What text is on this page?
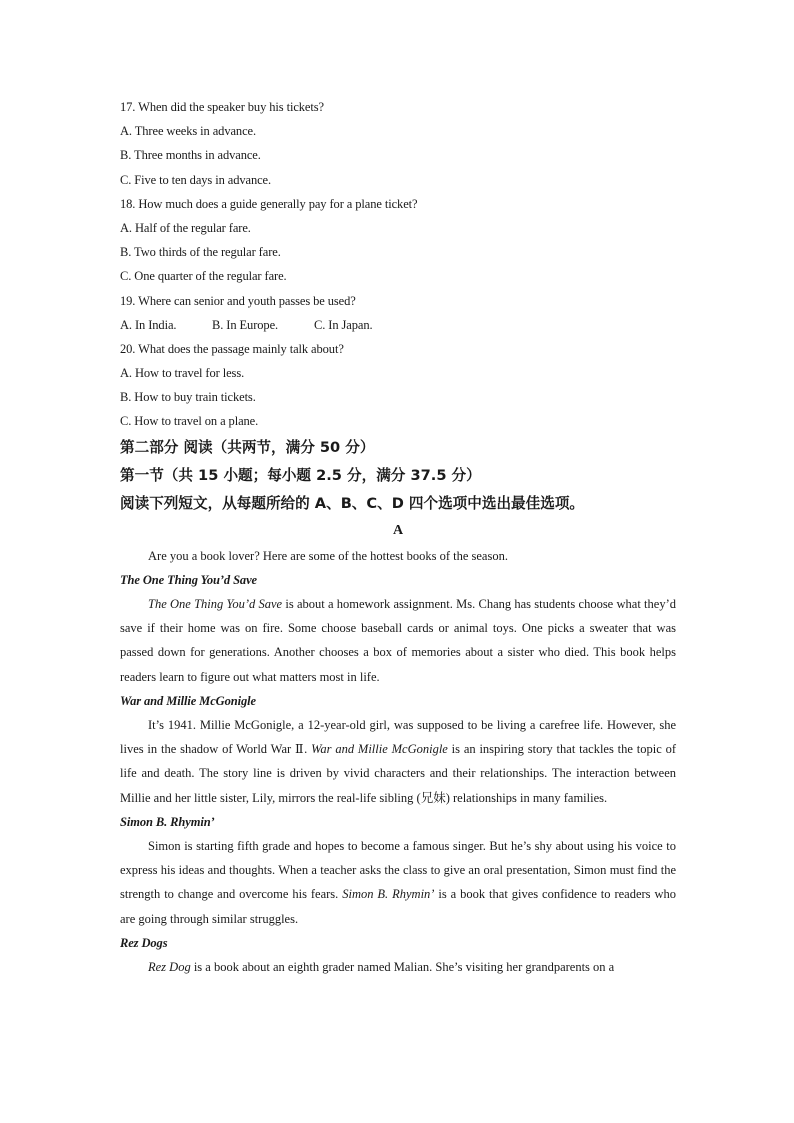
17. When did the speaker buy his tickets?
A. Three weeks in advance.
B. Three months in advance.
C. Five to ten days in advance.
18. How much does a guide generally pay for a plane ticket?
A. Half of the regular fare.
B. Two thirds of the regular fare.
C. One quarter of the regular fare.
19. Where can senior and youth passes be used?
A. In India.	B. In Europe.	C. In Japan.
20. What does the passage mainly talk about?
A. How to travel for less.
B. How to buy train tickets.
C. How to travel on a plane.
第二部分 阅读（共两节，满分 50 分）
第一节（共 15 小题；每小题 2.5 分，满分 37.5 分）
阅读下列短文，从每题所给的 A、B、C、D 四个选项中选出最佳选项。
A
Are you a book lover? Here are some of the hottest books of the season.
The One Thing You’d Save
The One Thing You’d Save is about a homework assignment. Ms. Chang has students choose what they’d save if their home was on fire. Some choose baseball cards or animal toys. One picks a sweater that was passed down for generations. Another chooses a box of memories about a sister who died. This book helps readers learn to figure out what matters most in life.
War and Millie McGonigle
It’s 1941. Millie McGonigle, a 12-year-old girl, was supposed to be living a carefree life. However, she lives in the shadow of World War Ⅱ. War and Millie McGonigle is an inspiring story that tackles the topic of life and death. The story line is driven by vivid characters and their relationships. The interaction between Millie and her little sister, Lily, mirrors the real-life sibling (兄妹) relationships in many families.
Simon B. Rhymin’
Simon is starting fifth grade and hopes to become a famous singer. But he’s shy about using his voice to express his ideas and thoughts. When a teacher asks the class to give an oral presentation, Simon must find the strength to change and overcome his fears. Simon B. Rhymin’ is a book that gives confidence to readers who are going through similar struggles.
Rez Dogs
Rez Dog is a book about an eighth grader named Malian. She’s visiting her grandparents on a
